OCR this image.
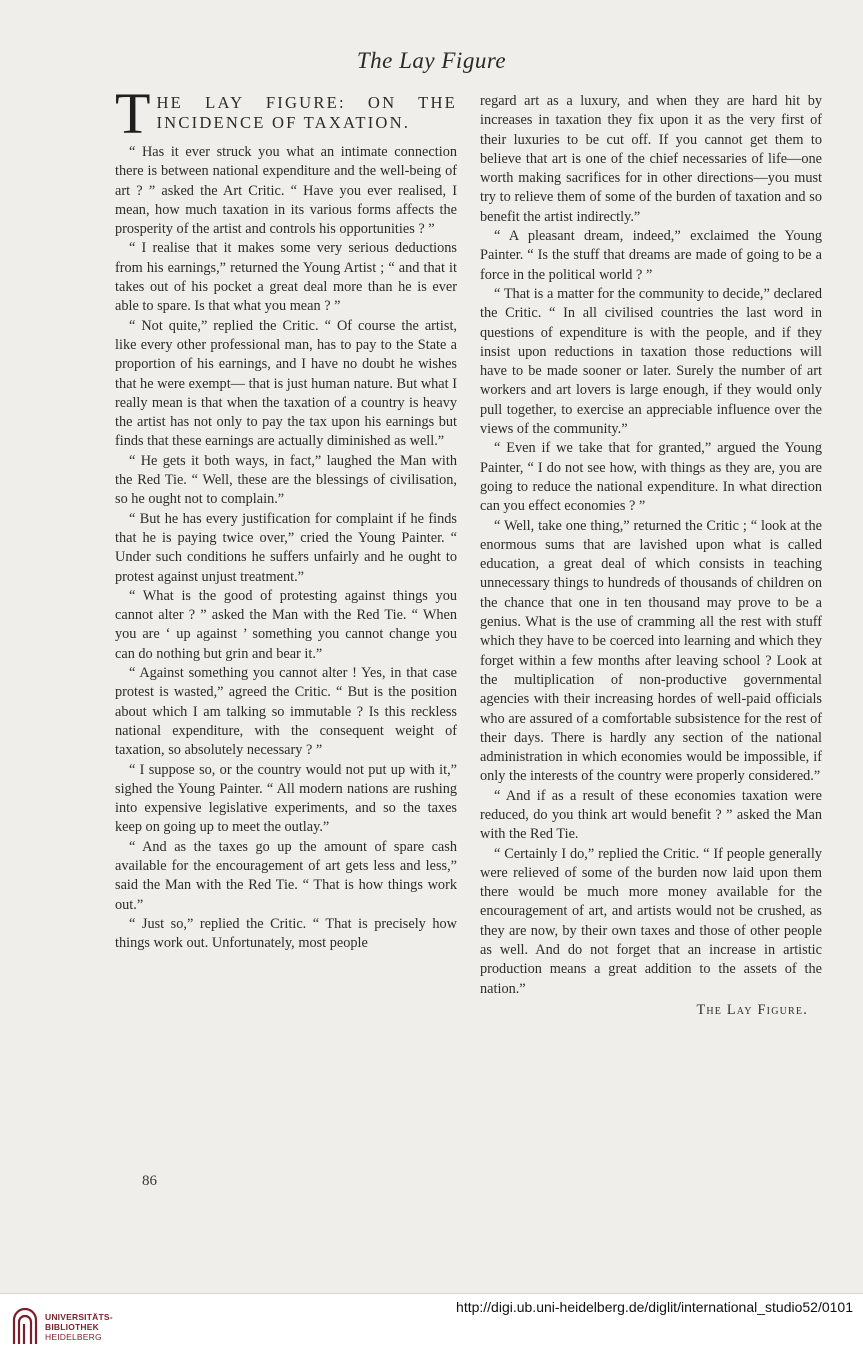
The Lay Figure
T HE LAY FIGURE: ON THE
INCIDENCE OF TAXATION.

“ Has it ever struck you what an intimate connection there is between national expenditure and the well-being of art ? ” asked the Art Critic. “ Have you ever realised, I mean, how much taxation in its various forms affects the prosperity of the artist and controls his opportunities ? ”

“ I realise that it makes some very serious deductions from his earnings,” returned the Young Artist ; “ and that it takes out of his pocket a great deal more than he is ever able to spare. Is that what you mean ? ”

“ Not quite,” replied the Critic. “ Of course the artist, like every other professional man, has to pay to the State a proportion of his earnings, and I have no doubt he wishes that he were exempt— that is just human nature. But what I really mean is that when the taxation of a country is heavy the artist has not only to pay the tax upon his earnings but finds that these earnings are actually diminished as well.”

“ He gets it both ways, in fact,” laughed the Man with the Red Tie. “ Well, these are the blessings of civilisation, so he ought not to complain.”

“ But he has every justification for complaint if he finds that he is paying twice over,” cried the Young Painter. “ Under such conditions he suffers unfairly and he ought to protest against unjust treatment.”

“ What is the good of protesting against things you cannot alter ? ” asked the Man with the Red Tie. “ When you are ‘ up against ’ something you cannot change you can do nothing but grin and bear it.”

“ Against something you cannot alter ! Yes, in that case protest is wasted,” agreed the Critic. “ But is the position about which I am talking so immutable ? Is this reckless national expenditure, with the consequent weight of taxation, so absolutely necessary ? ”

“ I suppose so, or the country would not put up with it,” sighed the Young Painter. “ All modern nations are rushing into expensive legislative experiments, and so the taxes keep on going up to meet the outlay.”

“ And as the taxes go up the amount of spare cash available for the encouragement of art gets less and less,” said the Man with the Red Tie. “ That is how things work out.”

“ Just so,” replied the Critic. “ That is precisely how things work out. Unfortunately, most people

regard art as a luxury, and when they are hard hit by increases in taxation they fix upon it as the very first of their luxuries to be cut off. If you cannot get them to believe that art is one of the chief necessaries of life—one worth making sacrifices for in other directions—you must try to relieve them of some of the burden of taxation and so benefit the artist indirectly.”

“ A pleasant dream, indeed,” exclaimed the Young Painter. “ Is the stuff that dreams are made of going to be a force in the political world ? ”

“ That is a matter for the community to decide,” declared the Critic. “ In all civilised countries the last word in questions of expenditure is with the people, and if they insist upon reductions in taxation those reductions will have to be made sooner or later. Surely the number of art workers and art lovers is large enough, if they would only pull together, to exercise an appreciable influence over the views of the community.”

“ Even if we take that for granted,” argued the Young Painter, “ I do not see how, with things as they are, you are going to reduce the national expenditure. In what direction can you effect economies ? ”

“ Well, take one thing,” returned the Critic ; “ look at the enormous sums that are lavished upon what is called education, a great deal of which consists in teaching unnecessary things to hundreds of thousands of children on the chance that one in ten thousand may prove to be a genius. What is the use of cramming all the rest with stuff which they have to be coerced into learning and which they forget within a few months after leaving school ? Look at the multiplication of non-productive governmental agencies with their increasing hordes of well-paid officials who are assured of a comfortable subsistence for the rest of their days. There is hardly any section of the national administration in which economies would be impossible, if only the interests of the country were properly considered.”

“ And if as a result of these economies taxation were reduced, do you think art would benefit ? ” asked the Man with the Red Tie.

“ Certainly I do,” replied the Critic. “ If people generally were relieved of some of the burden now laid upon them there would be much more money available for the encouragement of art, and artists would not be crushed, as they are now, by their own taxes and those of other people as well. And do not forget that an increase in artistic production means a great addition to the assets of the nation.”

The Lay Figure.
86
UNIVERSITÄTS-
BIBLIOTHEK
HEIDELBERG
http://digi.ub.uni-heidelberg.de/diglit/international_studio52/0101
